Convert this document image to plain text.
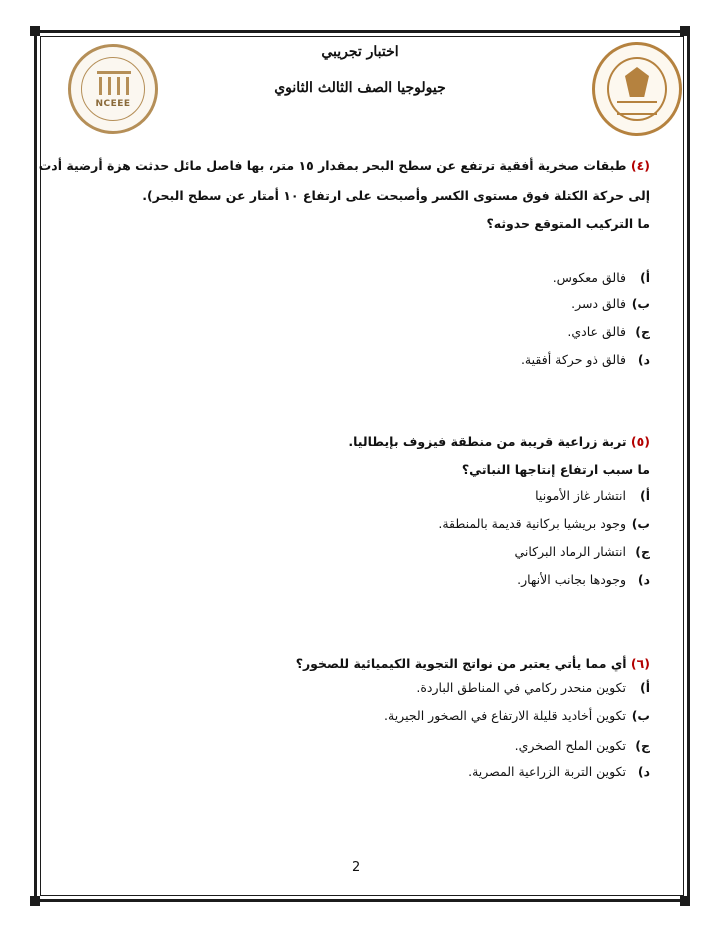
NCEEE
اختبار تجريبي
جيولوجيا الصف الثالث الثانوي
(٤) طبقات صخرية أفقية ترتفع عن سطح البحر بمقدار ١٥ متر، بها فاصل مائل حدثت هزة أرضية أدت
إلى حركة الكتلة فوق مستوى الكسر وأصبحت على ارتفاع ١٠ أمتار عن سطح البحر).
ما التركيب المتوقع حدوثه؟
أ)
فالق معكوس.
ب)
فالق دسر.
ج)
فالق عادي.
د)
فالق ذو حركة أفقية.
(٥) تربة زراعية قريبة من منطقة فيزوف بإيطاليا.
ما سبب ارتفاع إنتاجها النباتي؟
أ)
انتشار غاز الأمونيا
ب)
وجود بريشيا بركانية قديمة بالمنطقة.
ج)
انتشار الرماد البركاني
د)
وجودها بجانب الأنهار.
(٦) أي مما يأتي يعتبر من نواتج التجوية الكيميائية للصخور؟
أ)
تكوين منحدر ركامي في المناطق الباردة.
ب)
تكوين أخاديد قليلة الارتفاع في الصخور الجيرية.
ج)
تكوين الملح الصخري.
د)
تكوين التربة الزراعية المصرية.
2
